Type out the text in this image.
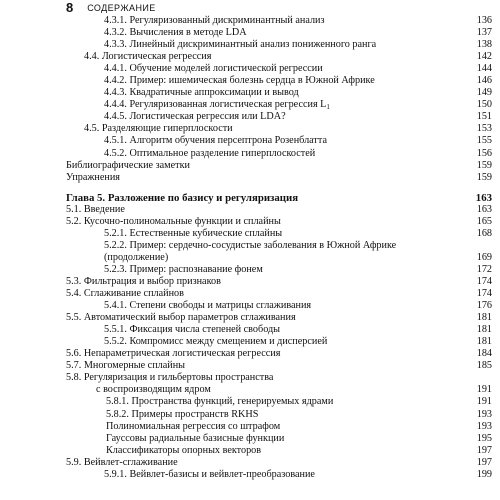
8 СОДЕРЖАНИЕ
4.3.1. Регуляризованный дискриминантный анализ	136
4.3.2. Вычисления в методе LDA	137
4.3.3. Линейный дискриминантный анализ пониженного ранга	138
4.4. Логистическая регрессия	142
4.4.1. Обучение моделей логистической регрессии	144
4.4.2. Пример: ишемическая болезнь сердца в Южной Африке	146
4.4.3. Квадратичные аппроксимации и вывод	149
4.4.4. Регуляризованная логистическая регрессия $L_1$	150
4.4.5. Логистическая регрессия или LDA?	151
4.5. Разделяющие гиперплоскости	153
4.5.1. Алгоритм обучения персептрона Розенблатта	155
4.5.2. Оптимальное разделение гиперплоскостей	156
Библиографические заметки	159
Упражнения	159
Глава 5. Разложение по базису и регуляризация	163
5.1. Введение	163
5.2. Кусочно-полиномальные функции и сплайны	165
5.2.1. Естественные кубические сплайны	168
5.2.2. Пример: сердечно-сосудистые заболевания в Южной Африке (продолжение)	169
5.2.3. Пример: распознавание фонем	172
5.3. Фильтрация и выбор признаков	174
5.4. Сглаживание сплайнов	174
5.4.1. Степени свободы и матрицы сглаживания	176
5.5. Автоматический выбор параметров сглаживания	181
5.5.1. Фиксация числа степеней свободы	181
5.5.2. Компромисс между смещением и дисперсией	181
5.6. Непараметрическая логистическая регрессия	184
5.7. Многомерные сплайны	185
5.8. Регуляризация и гильбертовы пространства
с воспроизводящим ядром	191
5.8.1. Пространства функций, генерируемых ядрами	191
5.8.2. Примеры пространств RKHS	193
Полиномиальная регрессия со штрафом	193
Гауссовы радиальные базисные функции	195
Классификаторы опорных векторов	197
5.9. Вейвлет-сглаживание	197
5.9.1. Вейвлет-базисы и вейвлет-преобразование	199
